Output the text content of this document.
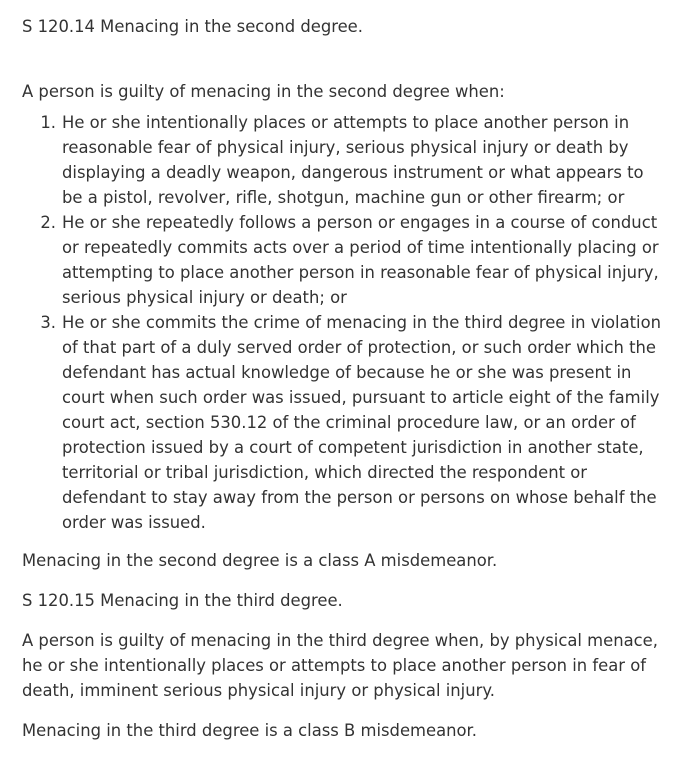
S 120.14 Menacing in the second degree.

A person is guilty of menacing in the second degree when:

1. He or she intentionally places or attempts to place another person in reasonable fear of physical injury, serious physical injury or death by displaying a deadly weapon, dangerous instrument or what appears to be a pistol, revolver, rifle, shotgun, machine gun or other firearm; or
2. He or she repeatedly follows a person or engages in a course of conduct or repeatedly commits acts over a period of time intentionally placing or attempting to place another person in reasonable fear of physical injury, serious physical injury or death; or
3. He or she commits the crime of menacing in the third degree in violation of that part of a duly served order of protection, or such order which the defendant has actual knowledge of because he or she was present in court when such order was issued, pursuant to article eight of the family court act, section 530.12 of the criminal procedure law, or an order of protection issued by a court of competent jurisdiction in another state, territorial or tribal jurisdiction, which directed the respondent or defendant to stay away from the person or persons on whose behalf the order was issued.

Menacing in the second degree is a class A misdemeanor.

S 120.15 Menacing in the third degree.

A person is guilty of menacing in the third degree when, by physical menace, he or she intentionally places or attempts to place another person in fear of death, imminent serious physical injury or physical injury.

Menacing in the third degree is a class B misdemeanor.
